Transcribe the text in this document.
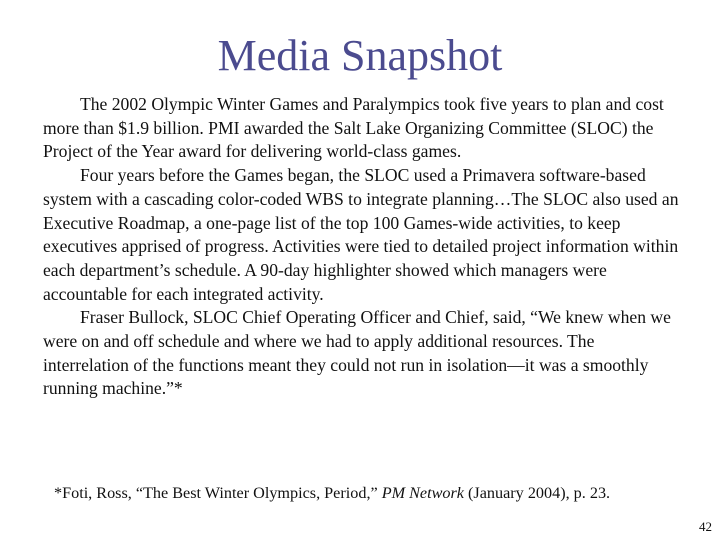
Media Snapshot

The 2002 Olympic Winter Games and Paralympics took five years to plan and cost more than $1.9 billion. PMI awarded the Salt Lake Organizing Committee (SLOC) the Project of the Year award for delivering world-class games.

Four years before the Games began, the SLOC used a Primavera software-based system with a cascading color-coded WBS to integrate planning…The SLOC also used an Executive Roadmap, a one-page list of the top 100 Games-wide activities, to keep executives apprised of progress. Activities were tied to detailed project information within each department’s schedule. A 90-day highlighter showed which managers were accountable for each integrated activity.

Fraser Bullock, SLOC Chief Operating Officer and Chief, said, “We knew when we were on and off schedule and where we had to apply additional resources. The interrelation of the functions meant they could not run in isolation—it was a smoothly running machine.”*

*Foti, Ross, “The Best Winter Olympics, Period,” PM Network (January 2004), p. 23.
42
